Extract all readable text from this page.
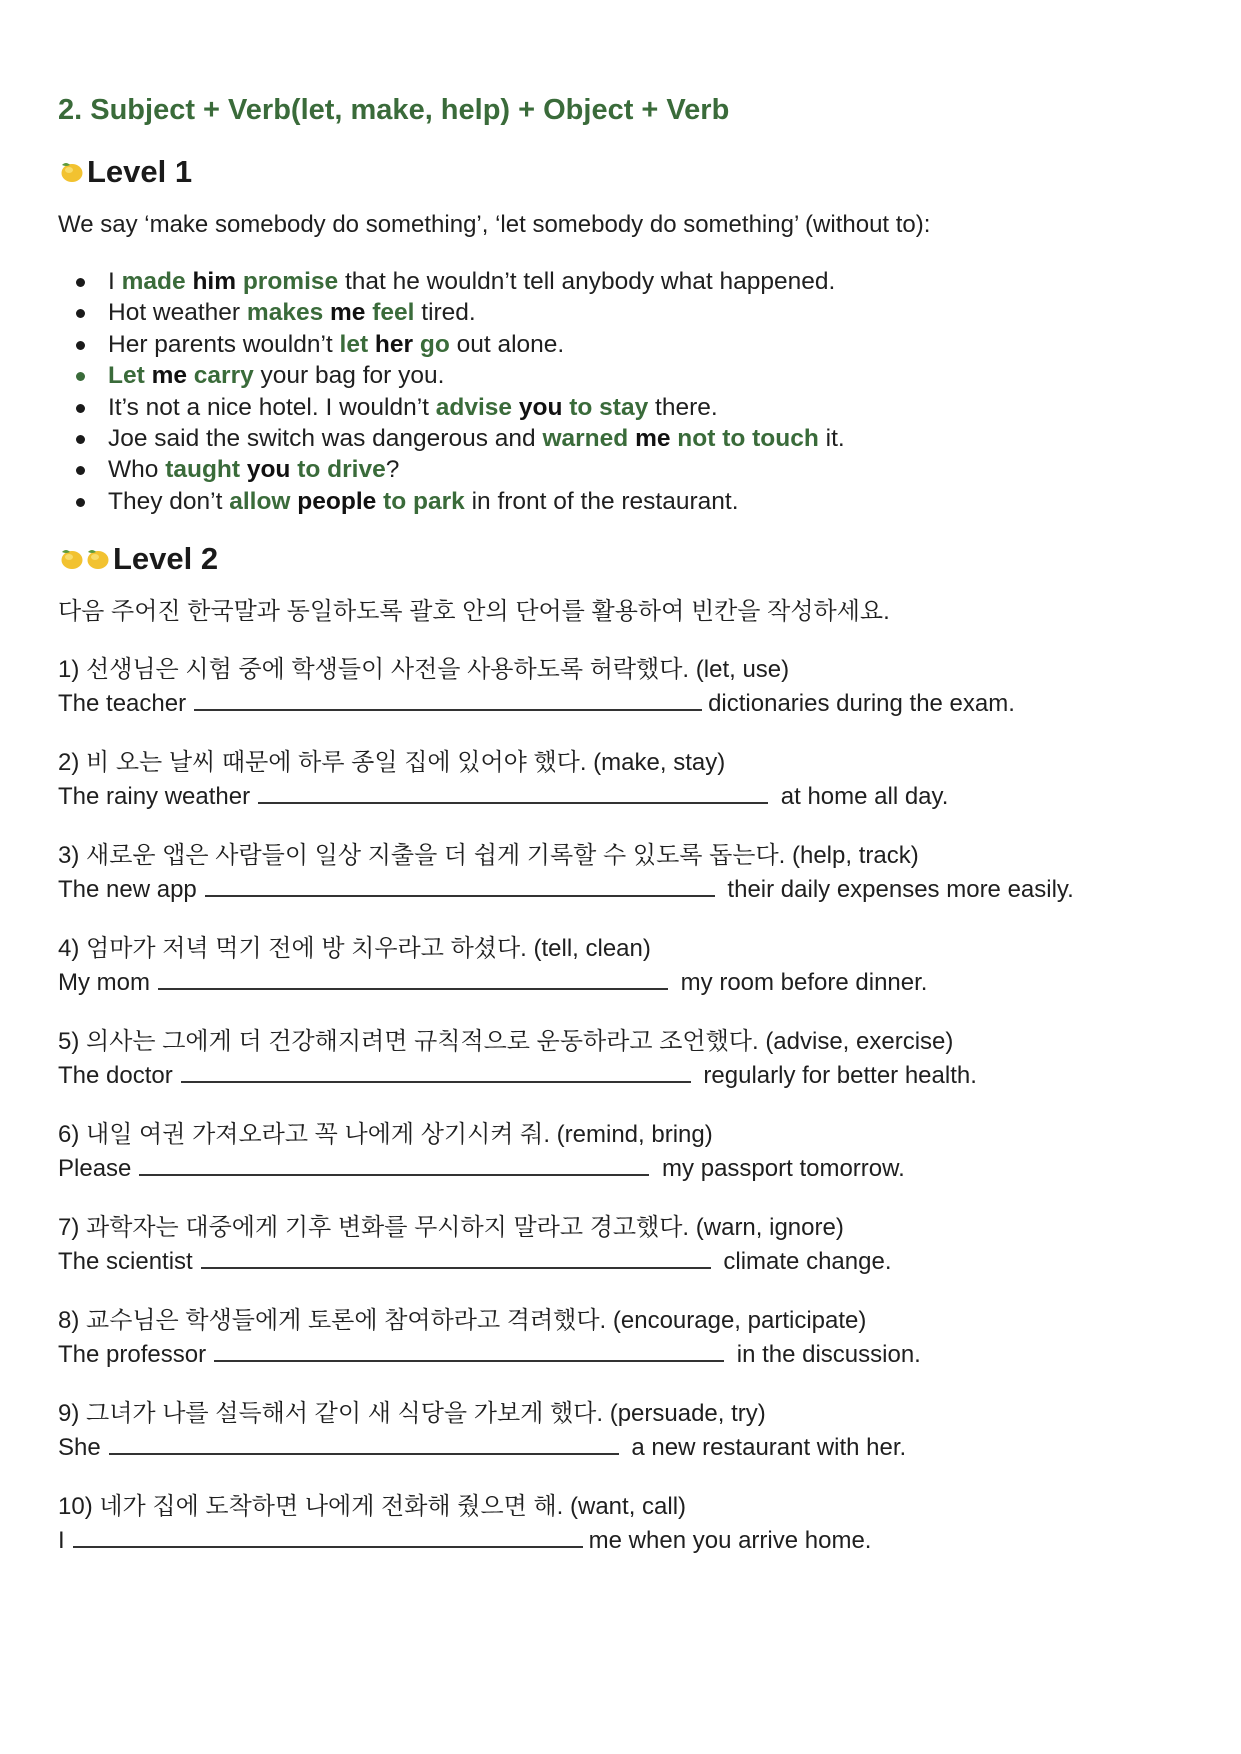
2. Subject + Verb(let, make, help) + Object + Verb
Level 1
We say ‘make somebody do something’, ‘let somebody do something’ (without to):
I made him promise that he wouldn’t tell anybody what happened.
Hot weather makes me feel tired.
Her parents wouldn’t let her go out alone.
Let me carry your bag for you.
It’s not a nice hotel. I wouldn’t advise you to stay there.
Joe said the switch was dangerous and warned me not to touch it.
Who taught you to drive?
They don’t allow people to park in front of the restaurant.
Level 2
다음 주어진 한국말과 동일하도록 괄호 안의 단어를 활용하여 빈칸을 작성하세요.
1) 선생님은 시험 중에 학생들이 사전을 사용하도록 허락했다. (let, use)
The teacher	dictionaries during the exam.
2) 비 오는 날씨 때문에 하루 종일 집에 있어야 했다. (make, stay)
The rainy weather	at home all day.
3) 새로운 앱은 사람들이 일상 지출을 더 쉽게 기록할 수 있도록 돕는다. (help, track)
The new app	their daily expenses more easily.
4) 엄마가 저녁 먹기 전에 방 치우라고 하셨다. (tell, clean)
My mom	my room before dinner.
5) 의사는 그에게 더 건강해지려면 규칙적으로 운동하라고 조언했다. (advise, exercise)
The doctor	regularly for better health.
6) 내일 여권 가져오라고 꼭 나에게 상기시켜 줘. (remind, bring)
Please	my passport tomorrow.
7) 과학자는 대중에게 기후 변화를 무시하지 말라고 경고했다. (warn, ignore)
The scientist	climate change.
8) 교수님은 학생들에게 토론에 참여하라고 격려했다. (encourage, participate)
The professor	in the discussion.
9) 그녀가 나를 설득해서 같이 새 식당을 가보게 했다. (persuade, try)
She	a new restaurant with her.
10) 네가 집에 도착하면 나에게 전화해 줬으면 해. (want, call)
I	me when you arrive home.
